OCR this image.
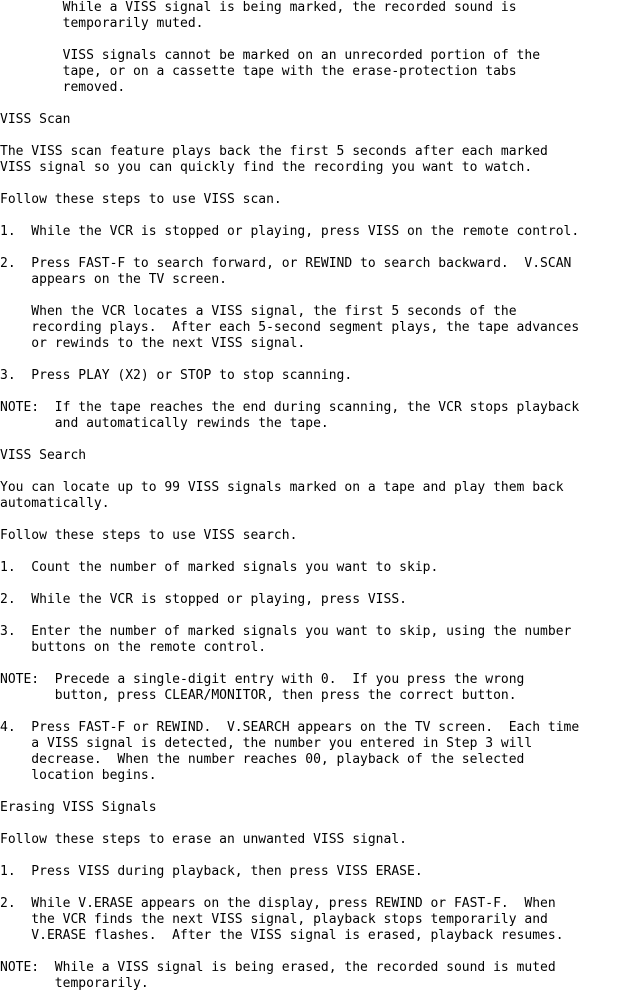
While a VISS signal is being marked, the recorded sound is
temporarily muted.
VISS signals cannot be marked on an unrecorded portion of the
tape, or on a cassette tape with the erase-protection tabs
removed.
VISS Scan
The VISS scan feature plays back the first 5 seconds after each marked
VISS signal so you can quickly find the recording you want to watch.
Follow these steps to use VISS scan.
1.  While the VCR is stopped or playing, press VISS on the remote control.
2.  Press FAST-F to search forward, or REWIND to search backward.  V.SCAN
appears on the TV screen.
When the VCR locates a VISS signal, the first 5 seconds of the
recording plays.  After each 5-second segment plays, the tape advances
or rewinds to the next VISS signal.
3.  Press PLAY (X2) or STOP to stop scanning.
NOTE:  If the tape reaches the end during scanning, the VCR stops playback
and automatically rewinds the tape.
VISS Search
You can locate up to 99 VISS signals marked on a tape and play them back
automatically.
Follow these steps to use VISS search.
1.  Count the number of marked signals you want to skip.
2.  While the VCR is stopped or playing, press VISS.
3.  Enter the number of marked signals you want to skip, using the number
buttons on the remote control.
NOTE:  Precede a single-digit entry with 0.  If you press the wrong
button, press CLEAR/MONITOR, then press the correct button.
4.  Press FAST-F or REWIND.  V.SEARCH appears on the TV screen.  Each time
a VISS signal is detected, the number you entered in Step 3 will
decrease.  When the number reaches 00, playback of the selected
location begins.
Erasing VISS Signals
Follow these steps to erase an unwanted VISS signal.
1.  Press VISS during playback, then press VISS ERASE.
2.  While V.ERASE appears on the display, press REWIND or FAST-F.  When
the VCR finds the next VISS signal, playback stops temporarily and
V.ERASE flashes.  After the VISS signal is erased, playback resumes.
NOTE:  While a VISS signal is being erased, the recorded sound is muted
temporarily.
